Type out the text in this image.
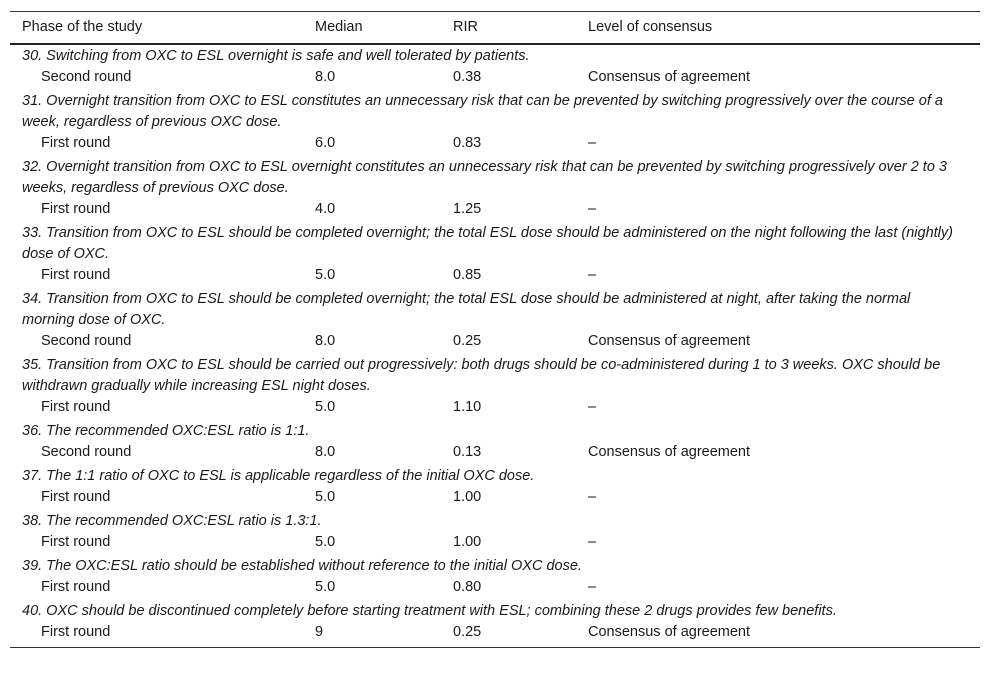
Phase of the study	Median	RIR	Level of consensus
30. Switching from OXC to ESL overnight is safe and well tolerated by patients.			
Second round	8.0	0.38	Consensus of agreement
31. Overnight transition from OXC to ESL constitutes an unnecessary risk that can be prevented by switching progressively over the course of a week, regardless of previous OXC dose.			
First round	6.0	0.83	–
32. Overnight transition from OXC to ESL overnight constitutes an unnecessary risk that can be prevented by switching progressively over 2 to 3 weeks, regardless of previous OXC dose.			
First round	4.0	1.25	–
33. Transition from OXC to ESL should be completed overnight; the total ESL dose should be administered on the night following the last (nightly) dose of OXC.			
First round	5.0	0.85	–
34. Transition from OXC to ESL should be completed overnight; the total ESL dose should be administered at night, after taking the normal morning dose of OXC.			
Second round	8.0	0.25	Consensus of agreement
35. Transition from OXC to ESL should be carried out progressively: both drugs should be co-administered during 1 to 3 weeks. OXC should be withdrawn gradually while increasing ESL night doses.			
First round	5.0	1.10	–
36. The recommended OXC:ESL ratio is 1:1.			
Second round	8.0	0.13	Consensus of agreement
37. The 1:1 ratio of OXC to ESL is applicable regardless of the initial OXC dose.			
First round	5.0	1.00	–
38. The recommended OXC:ESL ratio is 1.3:1.			
First round	5.0	1.00	–
39. The OXC:ESL ratio should be established without reference to the initial OXC dose.			
First round	5.0	0.80	–
40. OXC should be discontinued completely before starting treatment with ESL; combining these 2 drugs provides few benefits.			
First round	9	0.25	Consensus of agreement
